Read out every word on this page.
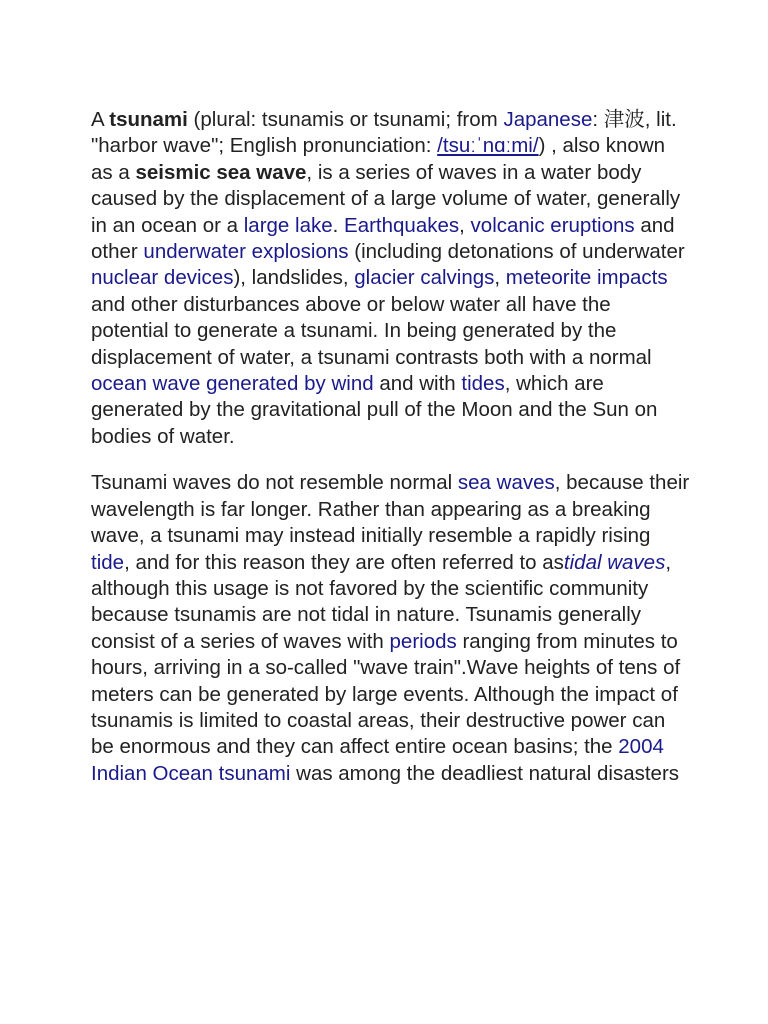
A tsunami (plural: tsunamis or tsunami; from Japanese: 津波, lit. "harbor wave"; English pronunciation: /tsuːˈnɑːmi/) , also known as a seismic sea wave, is a series of waves in a water body caused by the displacement of a large volume of water, generally in an ocean or a large lake. Earthquakes, volcanic eruptions and other underwater explosions (including detonations of underwater nuclear devices), landslides, glacier calvings, meteorite impacts and other disturbances above or below water all have the potential to generate a tsunami. In being generated by the displacement of water, a tsunami contrasts both with a normal ocean wave generated by wind and with tides, which are generated by the gravitational pull of the Moon and the Sun on bodies of water.

Tsunami waves do not resemble normal sea waves, because their wavelength is far longer. Rather than appearing as a breaking wave, a tsunami may instead initially resemble a rapidly rising tide, and for this reason they are often referred to astidal waves, although this usage is not favored by the scientific community because tsunamis are not tidal in nature. Tsunamis generally consist of a series of waves with periods ranging from minutes to hours, arriving in a so-called "wave train".Wave heights of tens of meters can be generated by large events. Although the impact of tsunamis is limited to coastal areas, their destructive power can be enormous and they can affect entire ocean basins; the 2004 Indian Ocean tsunami was among the deadliest natural disasters
